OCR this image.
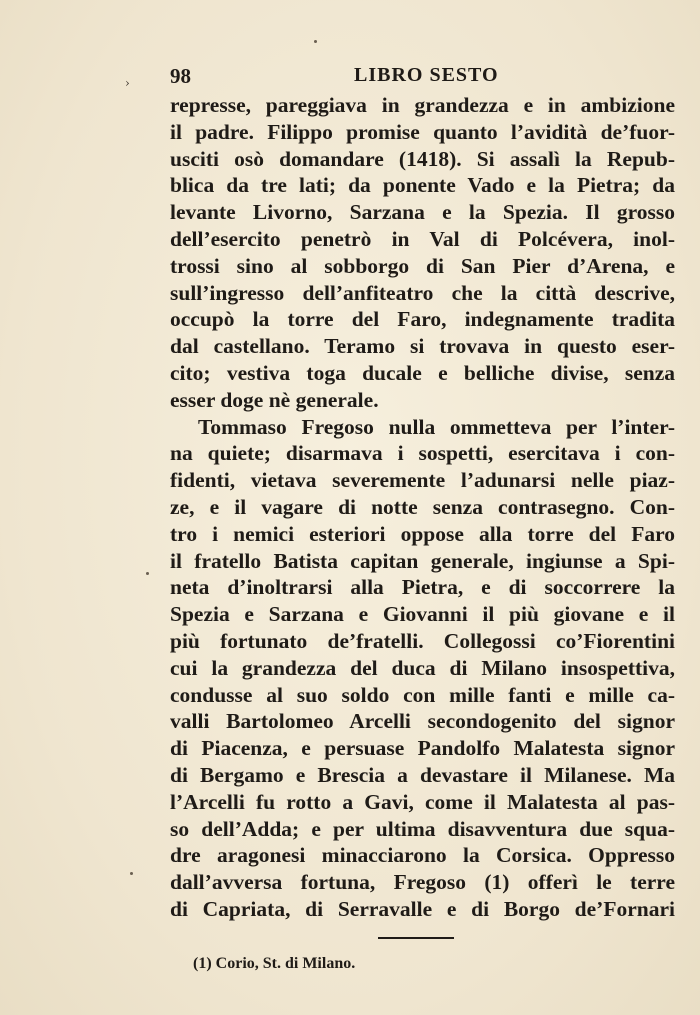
› 98	LIBRO SESTO
represse, pareggiava in grandezza e in ambizione
il padre. Filippo promise quanto l’avidità de’fuor-
usciti osò domandare (1418). Si assalì la Repub-
blica da tre lati; da ponente Vado e la Pietra; da
levante Livorno, Sarzana e la Spezia. Il grosso
dell’esercito penetrò in Val di Polcévera, inol-
trossi sino al sobborgo di San Pier d’Arena, e
sull’ingresso dell’anfiteatro che la città descrive,
occupò la torre del Faro, indegnamente tradita
dal castellano. Teramo si trovava in questo eser-
cito; vestiva toga ducale e belliche divise, senza
esser doge nè generale.
Tommaso Fregoso nulla ommetteva per l’inter-
na quiete; disarmava i sospetti, esercitava i con-
fidenti, vietava severemente l’adunarsi nelle piaz-
ze, e il vagare di notte senza contrasegno. Con-
tro i nemici esteriori oppose alla torre del Faro
il fratello Batista capitan generale, ingiunse a Spi-
neta d’inoltrarsi alla Pietra, e di soccorrere la
Spezia e Sarzana e Giovanni il più giovane e il
più fortunato de’fratelli. Collegossi co’Fiorentini
cui la grandezza del duca di Milano insospettiva,
condusse al suo soldo con mille fanti e mille ca-
valli Bartolomeo Arcelli secondogenito del signor
di Piacenza, e persuase Pandolfo Malatesta signor
di Bergamo e Brescia a devastare il Milanese. Ma
l’Arcelli fu rotto a Gavi, come il Malatesta al pas-
so dell’Adda; e per ultima disavventura due squa-
dre aragonesi minacciarono la Corsica. Oppresso
dall’avversa fortuna, Fregoso (1) offerì le terre
di Capriata, di Serravalle e di Borgo de’Fornari
(1) Corio, St. di Milano.
